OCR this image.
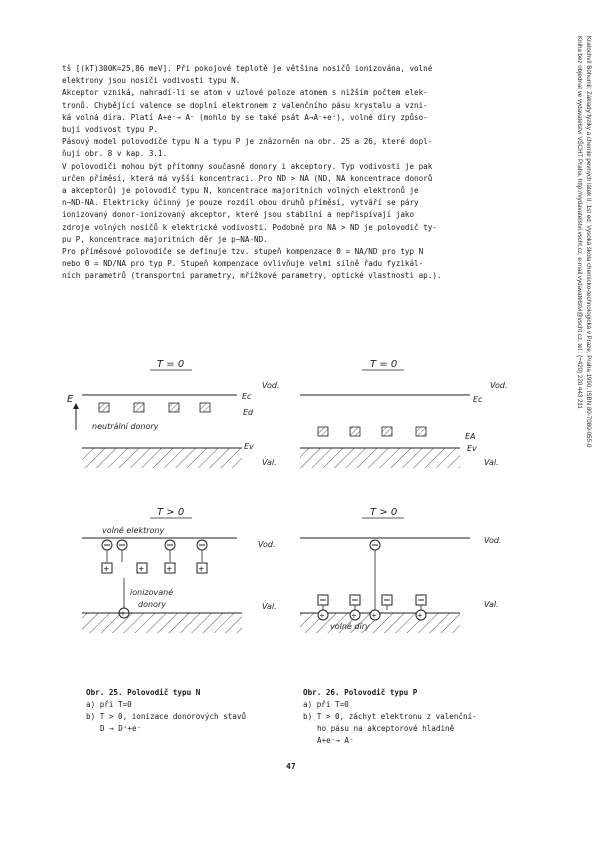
tš [(kT)300K=25,86 meV]. Při pokojové teplotě je většina nosičů ionizována, volné

elektrony jsou nosiči vodivosti typu N.

Akceptor vzniká, nahradí-li se atom v uzlové poloze atomem s nižším počtem elek-

tronů. Chybějící valence se doplní elektronem z valenčního pásu krystalu a vzni-

ká volná díra. Platí A+e⁻→ A⁻ (mohlo by se také psát A→A⁻+e⁺), volné díry způso-

bují vodivost typu P.

Pásový model polovodiče typu N a typu P je znázorněn na obr. 25 a 26, které dopl-

ňují obr. 8 v kap. 3.1.

V polovodiči mohou být přítomny současně donory i akceptory. Typ vodivosti je pak

určen příměsí, která má vyšší koncentraci. Pro ND > NA (ND, NA koncentrace donorů

a akceptorů) je polovodič typu N, koncentrace majoritních volných elektronů je

n~ND-NA. Elektricky účinný je pouze rozdíl obou druhů příměsí, vytváří se páry

ionizovaný donor-ionizovaný akceptor, které jsou stabilní a nepřispívají jako

zdroje volných nosičů k elektrické vodivosti. Podobně pro NA > ND je polovodič ty-

pu P, koncentrace majoritních děr je p~NA-ND.

Pro příměsové polovodiče se definuje tzv. stupeň kompenzace Θ = NA/ND pro typ N

nebo Θ = ND/NA pro typ P. Stupeň kompenzace ovlivňuje velmi silně řadu fyzikál-

ních parametrů (transportní parametry, mřížkové parametry, optické vlastnosti ap.).	Kratochvíl Bohumil: Základy fyziky a chemie pevných látek II, 1st ed. Vysoká škola chemicko-technologická v Praze, Praha 1990, ISBN 80-7080-055-0
Kniha bez objednat ve vydavatelství VŠCHT Praha, http://vydavatelstvi.vscht.cz, e-mail vydavatelstvi@vscht.cz, tel.: (+420) 220 443 211
T = 0
E
Vod.
Ec
Ed
neutrální donory
Ev
Val.
T > 0
volné elektrony
Vod.
+	+	+	+
ionizované
donory	Val.
T = 0
Vod.
Ec
EA
Ev
Val.
T > 0
Vod.
+	+ +	+
volné díry
Val.
Obr. 25. Polovodič typu N
a) při T=0
b) T > 0, ionizace donorových stavů
D → D⁺+e⁻
Obr. 26. Polovodič typu P
a) při T=0
b) T > 0, záchyt elektronu z valenční-
ho pásu na akceptorové hladině
A+e⁻→ A⁻
47
